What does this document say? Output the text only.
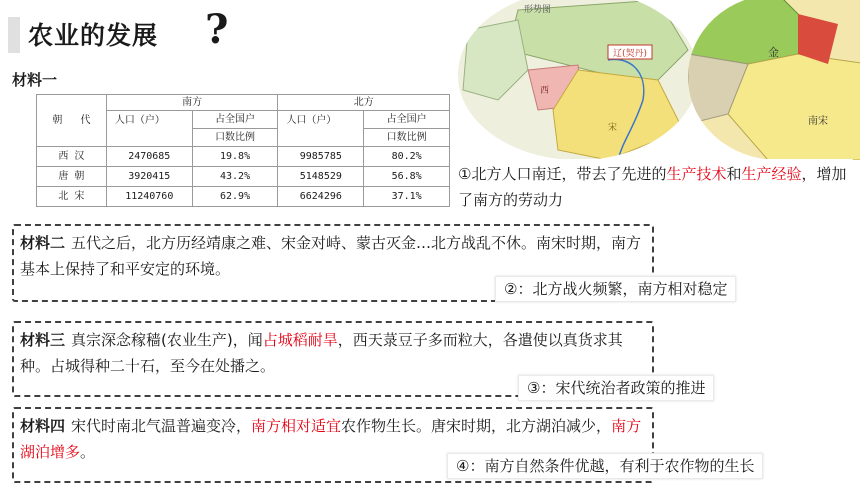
农业的发展 ?
材料一
朝 代	南方		北方	
	人口（户）	占全国户	人口（户）	占全国户
		口数比例		口数比例
西 汉	2470685	19.8%	9985785	80.2%
唐 朝	3920415	43.2%	5148529	56.8%
北 宋	11240760	62.9%	6624296	37.1%
辽(契丹)
西
宋
形势图
金
南宋
①北方人口南迁，带去了先进的生产技术和生产经验，增加了南方的劳动力
材料二 五代之后，北方历经靖康之难、宋金对峙、蒙古灭金…北方战乱不休。南宋时期，南方基本上保持了和平安定的环境。
②：北方战火频繁，南方相对稳定
材料三 真宗深念稼穑(农业生产)，闻占城稻耐旱，西天菉豆子多而粒大，各遣使以真货求其种。占城得种二十石，至今在处播之。
③：宋代统治者政策的推进
材料四 宋代时南北气温普遍变冷，南方相对适宜农作物生长。唐宋时期，北方湖泊减少，南方湖泊增多。
④：南方自然条件优越，有利于农作物的生长
